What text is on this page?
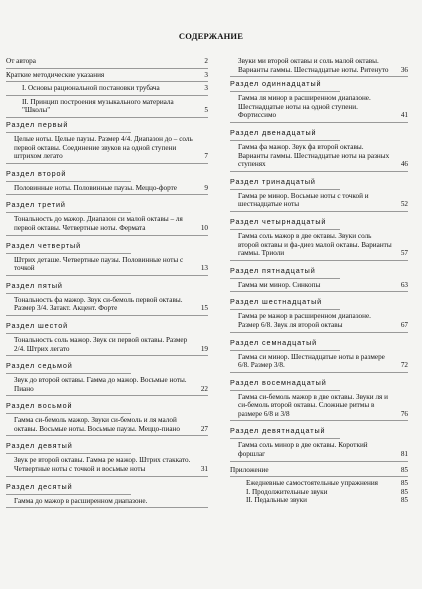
СОДЕРЖАНИЕ
От автора	2
Краткие методические указания	3
I. Основы рациональной постановки трубача	3
II. Принцип построения музыкального материала "Школы"	5
Раздел первый
Целые ноты. Целые паузы. Размер 4/4. Диапазон до – соль первой октавы. Соединение звуков на одной ступени штрихом легато	7
Раздел второй
Половинные ноты. Половинные паузы. Меццо-форте	9
Раздел третий
Тональность до мажор. Диапазон си малой октавы – ля первой октавы. Четвертные ноты. Фермата	10
Раздел четвертый
Штрих деташе. Четвертные паузы. Половинные ноты с точкой	13
Раздел пятый
Тональность фа мажор. Звук си-бемоль первой октавы. Размер 3/4. Затакт. Акцент. Форте	15
Раздел шестой
Тональность соль мажор. Звук си первой октавы. Размер 2/4. Штрих легато	19
Раздел седьмой
Звук до второй октавы. Гамма до мажор. Восьмые ноты. Пиано	22
Раздел восьмой
Гамма си-бемоль мажор. Звуки си-бемоль и ля малой октавы. Восьмые ноты. Восьмые паузы. Меццо-пиано	27
Раздел девятый
Звук ре второй октавы. Гамма ре мажор. Штрих стаккато. Четвертные ноты с точкой и восьмые ноты	31
Раздел десятый
Гамма до мажор в расширенном диапазоне.
Звуки ми второй октавы и соль малой октавы. Варианты гаммы. Шестнадцатые ноты. Ритенуто	36
Раздел одиннадцатый
Гамма ля минор в расширенном диапазоне. Шестнадцатые ноты на одной ступени. Фортиссимо	41
Раздел двенадцатый
Гамма фа мажор. Звук фа второй октавы. Варианты гаммы. Шестнадцатые ноты на разных ступенях	46
Раздел тринадцатый
Гамма ре минор. Восьмые ноты с точкой и шестнадцатые ноты	52
Раздел четырнадцатый
Гамма соль мажор в две октавы. Звуки соль второй октавы и фа-диез малой октавы. Варианты гаммы. Триоли	57
Раздел пятнадцатый
Гамма ми минор. Синкопы	63
Раздел шестнадцатый
Гамма ре мажор в расширенном диапазоне. Размер 6/8. Звук ля второй октавы	67
Раздел семнадцатый
Гамма си минор. Шестнадцатые ноты в размере 6/8. Размер 3/8.	72
Раздел восемнадцатый
Гамма си-бемоль мажор в две октавы. Звуки ля и си-бемоль второй октавы. Сложные ритмы в размере 6/8 и 3/8	76
Раздел девятнадцатый
Гамма соль минор в две октавы. Короткий форшлаг	81
Приложение	85
Ежедневные самостоятельные упражнения	85
I. Продолжительные звуки	85
II. Педальные звуки	85
